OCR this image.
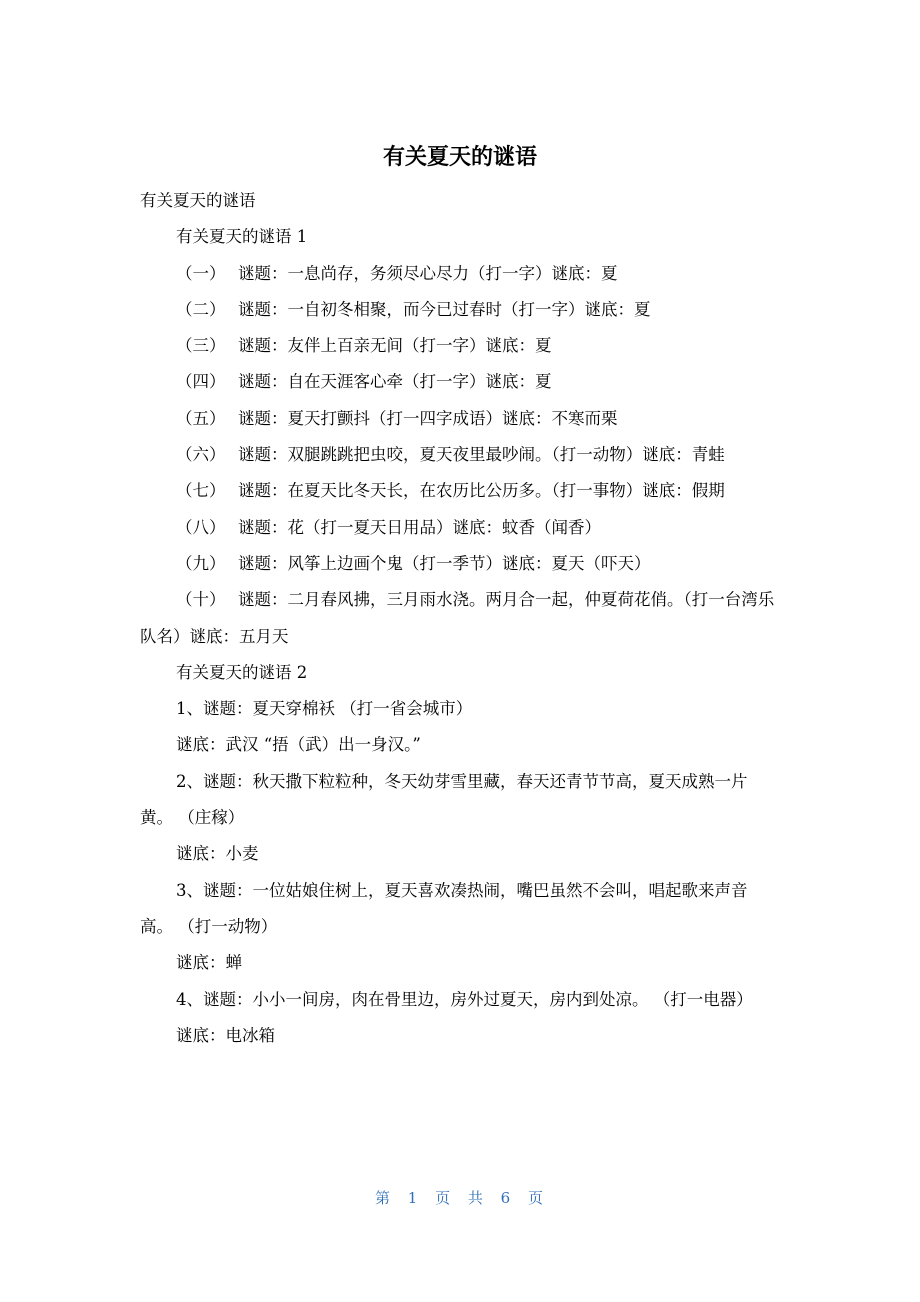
有关夏天的谜语

有关夏天的谜语

有关夏天的谜语 1

（一） 谜题：一息尚存，务须尽心尽力（打一字）谜底：夏

（二） 谜题：一自初冬相聚，而今已过春时（打一字）谜底：夏

（三） 谜题：友伴上百亲无间（打一字）谜底：夏

（四） 谜题：自在天涯客心牵（打一字）谜底：夏

（五） 谜题：夏天打颤抖（打一四字成语）谜底：不寒而栗

（六） 谜题：双腿跳跳把虫咬，夏天夜里最吵闹。（打一动物）谜底：青蛙

（七） 谜题：在夏天比冬天长，在农历比公历多。（打一事物）谜底：假期

（八） 谜题：花（打一夏天日用品）谜底：蚊香（闻香）

（九） 谜题：风筝上边画个鬼（打一季节）谜底：夏天（吓天）

（十） 谜题：二月春风拂，三月雨水浇。两月合一起，仲夏荷花俏。（打一台湾乐队名）谜底：五月天

有关夏天的谜语 2

1、谜题：夏天穿棉袄 （打一省会城市）

谜底：武汉 “捂（武）出一身汉。”

2、谜题：秋天撒下粒粒种，冬天幼芽雪里藏，春天还青节节高，夏天成熟一片黄。 （庄稼）

谜底：小麦

3、谜题：一位姑娘住树上，夏天喜欢凑热闹，嘴巴虽然不会叫，唱起歌来声音高。 （打一动物）

谜底：蝉

4、谜题：小小一间房，肉在骨里边，房外过夏天，房内到处凉。 （打一电器）

谜底：电冰箱

第 1 页 共 6 页
